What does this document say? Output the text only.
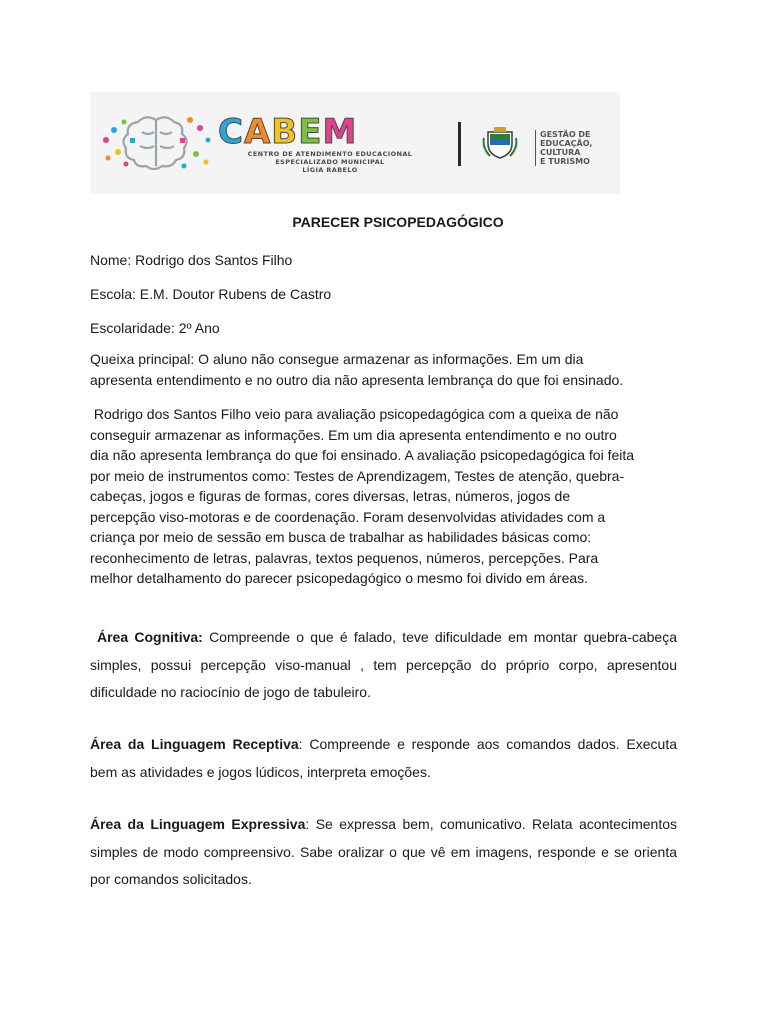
CABEM
CENTRO DE ATENDIMENTO EDUCACIONAL
ESPECIALIZADO MUNICIPAL
LÍGIA RABELO
GESTÃO DE
EDUCAÇÃO,
CULTURA
E TURISMO
PARECER PSICOPEDAGÓGICO
Nome: Rodrigo dos Santos Filho
Escola: E.M. Doutor Rubens de Castro
Escolaridade: 2º Ano
Queixa principal: O aluno não consegue armazenar as informações. Em um dia
apresenta entendimento e no outro dia não apresenta lembrança do que foi ensinado.
Rodrigo dos Santos Filho veio para avaliação psicopedagógica com a queixa de não
conseguir armazenar as informações. Em um dia apresenta entendimento e no outro
dia não apresenta lembrança do que foi ensinado. A avaliação psicopedagógica foi feita
por meio de instrumentos como: Testes de Aprendizagem, Testes de atenção, quebra-
cabeças, jogos e figuras de formas, cores diversas, letras, números, jogos de
percepção viso-motoras e de coordenação. Foram desenvolvidas atividades com a
criança por meio de sessão em busca de trabalhar as habilidades básicas como:
reconhecimento de letras, palavras, textos pequenos, números, percepções. Para
melhor detalhamento do parecer psicopedagógico o mesmo foi divido em áreas.
Área Cognitiva: Compreende o que é falado, teve dificuldade em montar quebra-cabeça simples, possui percepção viso-manual , tem percepção do próprio corpo, apresentou dificuldade no raciocínio de jogo de tabuleiro.
Área da Linguagem Receptiva: Compreende e responde aos comandos dados. Executa bem as atividades e jogos lúdicos, interpreta emoções.
Área da Linguagem Expressiva: Se expressa bem, comunicativo. Relata acontecimentos simples de modo compreensivo. Sabe oralizar o que vê em imagens, responde e se orienta por comandos solicitados.
